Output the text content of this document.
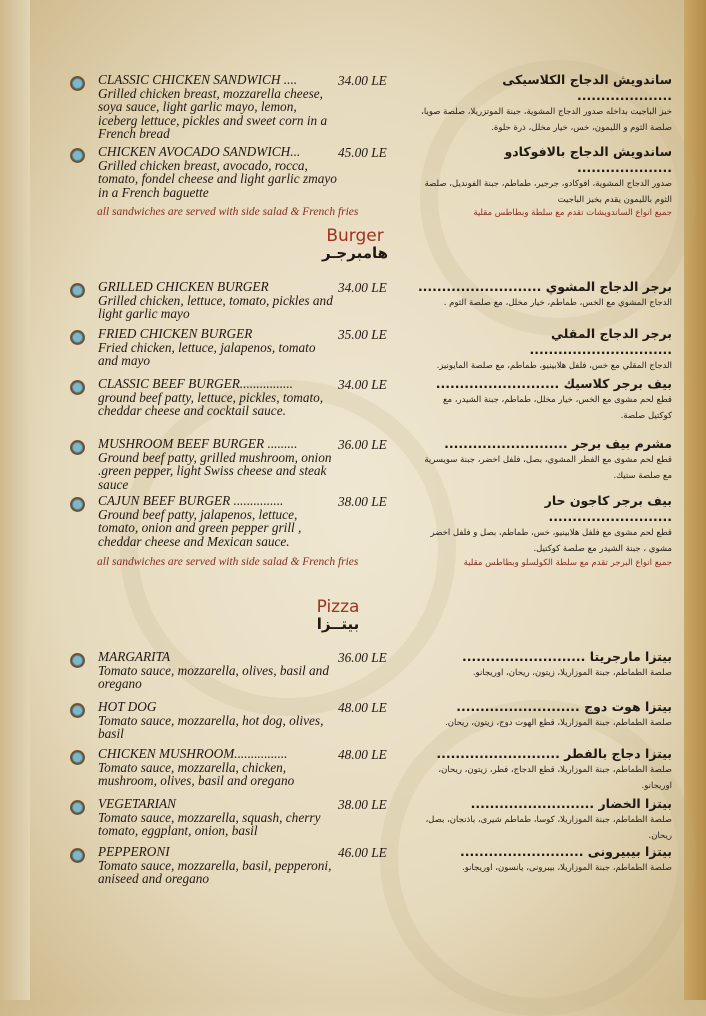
CLASSIC CHICKEN SANDWICH ....
Grilled chicken breast, mozzarella cheese, soya sauce, light garlic mayo, lemon, iceberg lettuce, pickles and sweet corn in a French bread
34.00 LE	ساندويش الدجاج الكلاسيكى ....................
خبز الباجيت بداخله صدور الدجاج المشوية، جبنة الموتزريلا، صلصة صويا، صلصة الثوم و الليمون، خس، خيار مخلل، ذرة حلوة.
CHICKEN AVOCADO SANDWICH...
Grilled chicken breast, avocado, rocca, tomato, fondel cheese and light garlic zmayo in a French baguette
45.00 LE	ساندويش الدجاج بالافوكادو ....................
صدور الدجاج المشوية، افوكادو، جرجير، طماطم، جبنة الفونديل، صلصة الثوم بالليمون يقدم بخبز الباجيت
GRILLED CHICKEN BURGER
Grilled chicken, lettuce, tomato, pickles and light garlic mayo
34.00 LE برجر الدجاج المشوي ..........................
الدجاج المشوي مع الخس، طماطم، خيار مخلل، مع صلصة الثوم .
FRIED CHICKEN BURGER
Fried chicken, lettuce, jalapenos, tomato and mayo
35.00 LE	برجر الدجاج المقلي ..............................
الدجاج المقلي مع خس، فلفل هلابينيو، طماطم، مع صلصة المايونيز.
CLASSIC BEEF BURGER................
ground beef patty, lettuce, pickles, tomato, cheddar cheese and cocktail sauce.
34.00 LE	بيف برجر كلاسيك ..........................
قطع لحم مشوى مع الخس، خيار مخلل، طماطم، جبنة الشيدر، مع كوكتيل صلصة.
MUSHROOM BEEF BURGER .........
Ground beef patty, grilled mushroom, onion .green pepper, light Swiss cheese and steak sauce
36.00 LE	مشرم بيف برجر ..........................
قطع لحم مشوى مع الفطر المشوي، بصل، فلفل اخضر، جبنة سويسرية مع صلصة ستيك.
CAJUN BEEF BURGER ...............
Ground beef patty, jalapenos, lettuce, tomato, onion and green pepper grill , cheddar cheese and Mexican sauce.
38.00 LE	بيف برجر كاجون حار ..........................
قطع لحم مشوى مع فلفل هلابينيو، خس، طماطم، بصل و فلفل اخضر مشوي ، جبنة الشيدر مع صلصة كوكتيل.
MARGARITA
Tomato sauce, mozzarella, olives, basil and oregano
36.00 LE	بيتزا مارجريتا ..........................
صلصة الطماطم، جبنة الموزاريلا، زيتون، ريحان، اوريجانو.
HOT DOG
Tomato sauce, mozzarella, hot dog, olives, basil
48.00 LE	بيتزا هوت دوج ..........................
صلصة الطماطم، جبنة الموزاريلا، قطع الهوت دوج، زيتون، ريحان.
CHICKEN MUSHROOM................
Tomato sauce, mozzarella, chicken, mushroom, olives, basil and oregano
48.00 LE	بيتزا دجاج بالفطر ..........................
صلصة الطماطم، جبنة الموزاريلا، قطع الدجاج، فطر، زيتون، ريحان، اوريجانو.
VEGETARIAN
Tomato sauce, mozzarella, squash, cherry tomato, eggplant, onion, basil
38.00 LE	بيتزا الخضار ..........................
صلصة الطماطم، جبنة الموزاريلا، كوسا، طماطم شيرى، باذنجان، بصل، ريحان.
PEPPERONI
Tomato sauce, mozzarella, basil, pepperoni, aniseed and oregano
46.00 LE	بيتزا بيبيرونى ..........................
صلصة الطماطم، جبنة الموزاريلا، بيبرونى، يانسون، اوريجانو.
all sandwiches are served with side salad & French fries	جميع انواع الساندويشات تقدم مع سلطة وبطاطس مقلية
Burger
هامبرجـر
all sandwiches are served with side salad & French fries	جميع انواع البرجر تقدم مع سلطة الكولسلو وبطاطس مقلية
Pizza
بيتــزا
